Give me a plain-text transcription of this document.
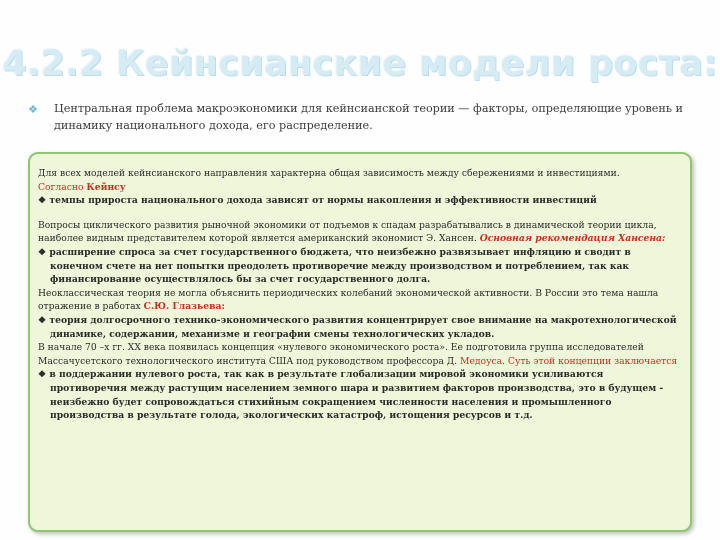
4.2.2 Кейнсианские модели роста:
❖	Центральная проблема макроэкономики для кейнсианской теории — факторы, определяющие уровень и динамику национального дохода, его распределение.

Для всех моделей кейнсианского направления характерна общая зависимость между сбережениями и инвестициями.
Согласно Кейнсу

❖ темпы прироста национального дохода зависят от нормы накопления и эффективности инвестиций

Вопросы циклического развития рыночной экономики от подъемов к спадам разрабатывались в динамической теории цикла, наиболее видным представителем которой является американский экономист Э. Хансен. Основная рекомендация Хансена:

❖ расширение спроса за счет государственного бюджета, что неизбежно развязывает инфляцию и сводит в конечном счете на нет попытки преодолеть противоречие между производством и потреблением, так как финансирование осуществлялось бы за счет государственного долга.

Неоклассическая теория не могла объяснить периодических колебаний экономической активности. В России это тема нашла отражение в работах С.Ю. Глазьева:

❖ теория долгосрочного технико-экономического развития концентрирует свое внимание на макротехнологической динамике, содержании, механизме и географии смены технологических укладов.

В начале 70 –х гг. XX века появилась концепция «нулевого экономического роста». Ее подготовила группа исследователей Массачусетского технологического института США под руководством профессора Д. Медоуса. Суть этой концепции заключается

❖ в поддержании нулевого роста, так как в результате глобализации мировой экономики усиливаются противоречия между растущим населением земного шара и развитием факторов производства, это в будущем - неизбежно будет сопровождаться стихийным сокращением численности населения и промышленного производства в результате голода, экологических катастроф, истощения ресурсов и т.д.
